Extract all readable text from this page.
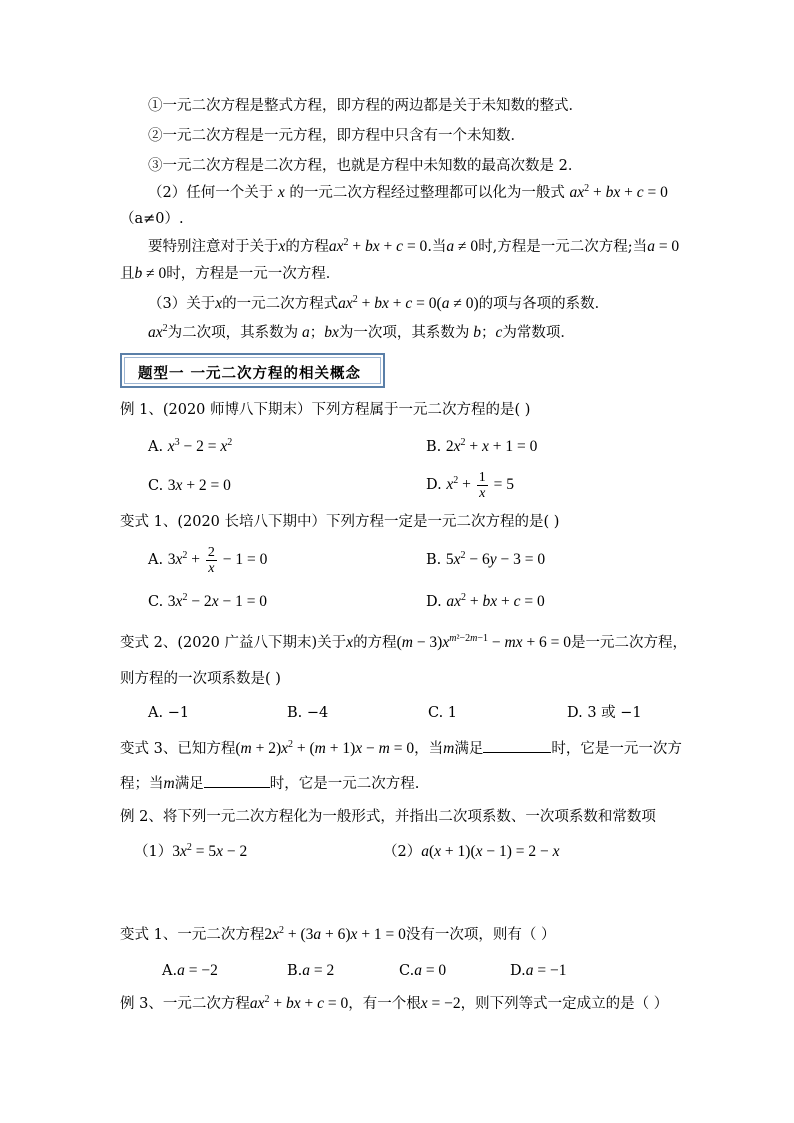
①一元二次方程是整式方程，即方程的两边都是关于未知数的整式．
②一元二次方程是一元方程，即方程中只含有一个未知数．
③一元二次方程是二次方程，也就是方程中未知数的最高次数是 2．
（2）任何一个关于 x 的一元二次方程经过整理都可以化为一般式 $ax^2$ + bx + c = 0
（a≠0）.
要特别注意对于关于x的方程$ax^2$ + bx + c = 0.当a ≠ 0时,方程是一元二次方程;当a = 0
且b ≠ 0时，方程是一元一次方程．
（3）关于x的一元二次方程式$ax^2$ + bx + c = 0(a ≠ 0)的项与各项的系数．
$ax^2$为二次项，其系数为 a；bx为一次项，其系数为 b；c为常数项．
题型一 一元二次方程的相关概念
例 1、(2020 师博八下期末）下列方程属于一元二次方程的是( )
A. $x^3 - 2 = x^2$	B. $2x^2 + x + 1 = 0$
C. 3x + 2 = 0	D. $x^2 + \frac{1}{x} = 5$
变式 1、(2020 长培八下期中）下列方程一定是一元二次方程的是( )
A. $3x^2 + \frac{2}{x} - 1 = 0$	B. $5x^2 - 6y - 3 = 0$
C. $3x^2 - 2x - 1 = 0$	D. $ax^2$ + bx + c = 0
变式 2、(2020 广益八下期末)关于x的方程$(m - 3)x^{m^2-2m-1}$ − mx + 6 = 0是一元二次方程，
则方程的一次项系数是( )
A. −1	B. −4	C. 1	D. 3 或 −1
变式 3、已知方程$(m + 2)x^2 + (m + 1)x - m = 0$，当m满足	时，它是一元一次方
程；当m满足	时，它是一元二次方程.
例 2、将下列一元二次方程化为一般形式，并指出二次项系数、一次项系数和常数项
$(1)3x^2 = 5x - 2$	（2）a(x + 1)(x − 1) = 2 − x
变式 1、一元二次方程$2x^2 + (3a + 6)x + 1 = 0$没有一次项，则有（ ）
A.a = −2	B.a = 2	C.a = 0	D.a = −1
例 3、一元二次方程$ax^2$ + bx + c = 0，有一个根x = −2，则下列等式一定成立的是（ ）
